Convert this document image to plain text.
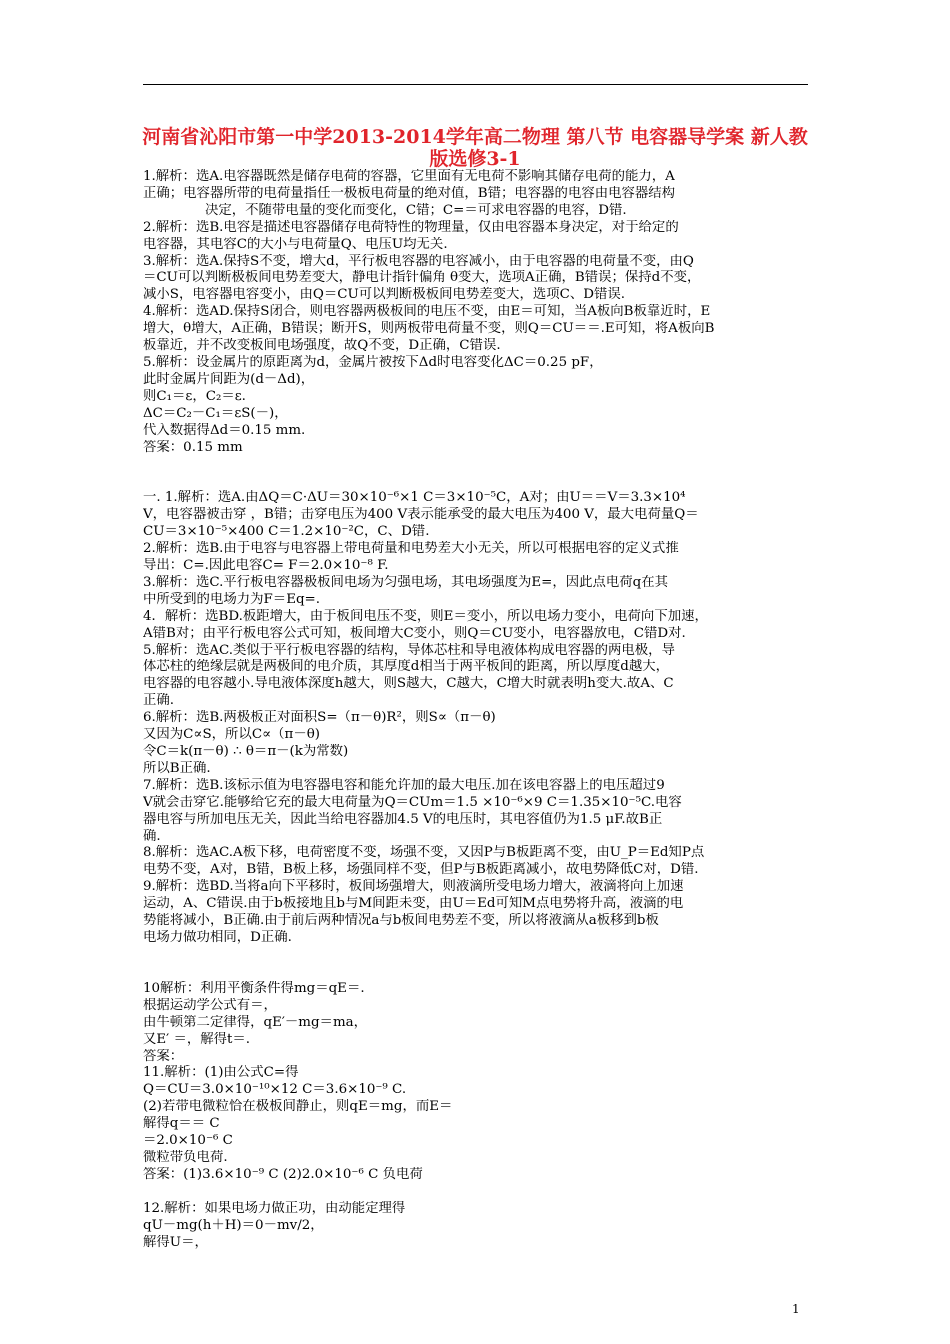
河南省沁阳市第一中学2013-2014学年高二物理 第八节 电容器导学案 新人教版选修3-1

1.解析：选A.电容器既然是储存电荷的容器，它里面有无电荷不影响其储存电荷的能力，A

正确；电容器所带的电荷量指任一极板电荷量的绝对值，B错；电容器的电容由电容器结构

决定，不随带电量的变化而变化，C错；C=＝可求电容器的电容，D错.

2.解析：选B.电容是描述电容器储存电荷特性的物理量，仅由电容器本身决定，对于给定的

电容器，其电容C的大小与电荷量Q、电压U均无关.

3.解析：选A.保持S不变，增大d，平行板电容器的电容减小，由于电容器的电荷量不变，由Q

＝CU可以判断极板间电势差变大，静电计指针偏角 θ变大，选项A正确，B错误；保持d不变，

减小S，电容器电容变小，由Q＝CU可以判断极板间电势差变大，选项C、D错误.

4.解析：选AD.保持S闭合，则电容器两极板间的电压不变，由E＝可知，当A板向B板靠近时，E

增大，θ增大，A正确，B错误；断开S，则两板带电荷量不变，则Q＝CU＝＝.E可知，将A板向B

板靠近，并不改变板间电场强度，故Q不变，D正确，C错误.

5.解析：设金属片的原距离为d，金属片被按下Δd时电容变化ΔC＝0.25 pF，

此时金属片间距为(d－Δd)，

则C₁＝ε，C₂＝ε.

ΔC＝C₂－C₁＝εS(－)，

代入数据得Δd＝0.15 mm.

答案：0.15 mm

一. 1.解析：选A.由ΔQ＝C·ΔU＝30×10⁻⁶×1 C＝3×10⁻⁵C，A对；由U＝＝V＝3.3×10⁴

V，电容器被击穿 ，B错；击穿电压为400 V表示能承受的最大电压为400 V，最大电荷量Q＝

CU＝3×10⁻⁵×400 C＝1.2×10⁻²C，C、D错.

2.解析：选B.由于电容与电容器上带电荷量和电势差大小无关，所以可根据电容的定义式推

导出：C=.因此电容C= F＝2.0×10⁻⁸ F.

3.解析：选C.平行板电容器极板间电场为匀强电场，其电场强度为E=，因此点电荷q在其

中所受到的电场力为F＝Eq=.

4．解析：选BD.板距增大，由于板间电压不变，则E＝变小，所以电场力变小，电荷向下加速，

A错B对；由平行板电容公式可知，板间增大C变小，则Q＝CU变小，电容器放电，C错D对.

5.解析：选AC.类似于平行板电容器的结构，导体芯柱和导电液体构成电容器的两电极，导

体芯柱的绝缘层就是两极间的电介质，其厚度d相当于两平板间的距离，所以厚度d越大，

电容器的电容越小.导电液体深度h越大，则S越大，C越大，C增大时就表明h变大.故A、C

正确.

6.解析：选B.两极板正对面积S=（π－θ)R²，则S∝（π－θ)

又因为C∝S，所以C∝（π－θ)

令C＝k(π－θ) ∴ θ＝π－(k为常数)

所以B正确.

7.解析：选B.该标示值为电容器电容和能允许加的最大电压.加在该电容器上的电压超过9

V就会击穿它.能够给它充的最大电荷量为Q＝CUm＝1.5 ×10⁻⁶×9 C＝1.35×10⁻⁵C.电容

器电容与所加电压无关，因此当给电容器加4.5 V的电压时，其电容值仍为1.5 μF.故B正

确.

8.解析：选AC.A板下移，电荷密度不变，场强不变，又因P与B板距离不变，由U_P＝Ed知P点

电势不变，A对，B错，B板上移，场强同样不变，但P与B板距离减小，故电势降低C对，D错.

9.解析：选BD.当将a向下平移时，板间场强增大，则液滴所受电场力增大，液滴将向上加速

运动，A、C错误.由于b板接地且b与M间距未变，由U＝Ed可知M点电势将升高，液滴的电

势能将减小，B正确.由于前后两种情况a与b板间电势差不变，所以将液滴从a板移到b板

电场力做功相同，D正确.

10解析：利用平衡条件得mg＝qE＝.

根据运动学公式有＝，

由牛顿第二定律得，qE′－mg＝ma，

又E′ ＝，解得t＝.

答案：

11.解析：(1)由公式C=得

Q＝CU＝3.0×10⁻¹⁰×12 C＝3.6×10⁻⁹ C.

(2)若带电微粒恰在极板间静止，则qE＝mg，而E＝

解得q＝＝ C

＝2.0×10⁻⁶ C

微粒带负电荷.

答案：(1)3.6×10⁻⁹ C (2)2.0×10⁻⁶ C 负电荷

12.解析：如果电场力做正功，由动能定理得

qU－mg(h＋H)＝0－mv/2，

解得U＝，

1
